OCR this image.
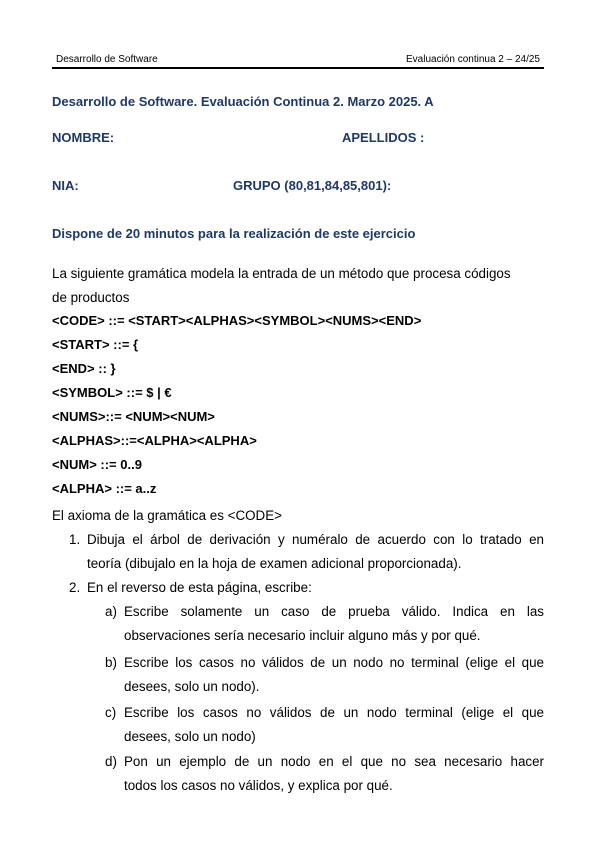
Desarrollo de Software	Evaluación continua 2 – 24/25
Desarrollo de Software. Evaluación Continua 2. Marzo 2025. A
NOMBRE:	APELLIDOS :
NIA:	GRUPO (80,81,84,85,801):
Dispone de 20 minutos para la realización de este ejercicio
La siguiente gramática modela la entrada de un método que procesa códigos
de productos
<CODE> ::= <START><ALPHAS><SYMBOL><NUMS><END>
<START> ::= {
<END> :: }
<SYMBOL> ::= $ | €
<NUMS>::= <NUM><NUM>
<ALPHAS>::=<ALPHA><ALPHA>
<NUM> ::= 0..9
<ALPHA> ::= a..z
El axioma de la gramática es <CODE>
1. Dibuja el árbol de derivación y numéralo de acuerdo con lo tratado en
teoría (dibujalo en la hoja de examen adicional proporcionada).
2. En el reverso de esta página, escribe:
a) Escribe solamente un caso de prueba válido. Indica en las
observaciones sería necesario incluir alguno más y por qué.
b) Escribe los casos no válidos de un nodo no terminal (elige el que
desees, solo un nodo).
c) Escribe los casos no válidos de un nodo terminal (elige el que
desees, solo un nodo)
d) Pon un ejemplo de un nodo en el que no sea necesario hacer
todos los casos no válidos, y explica por qué.
